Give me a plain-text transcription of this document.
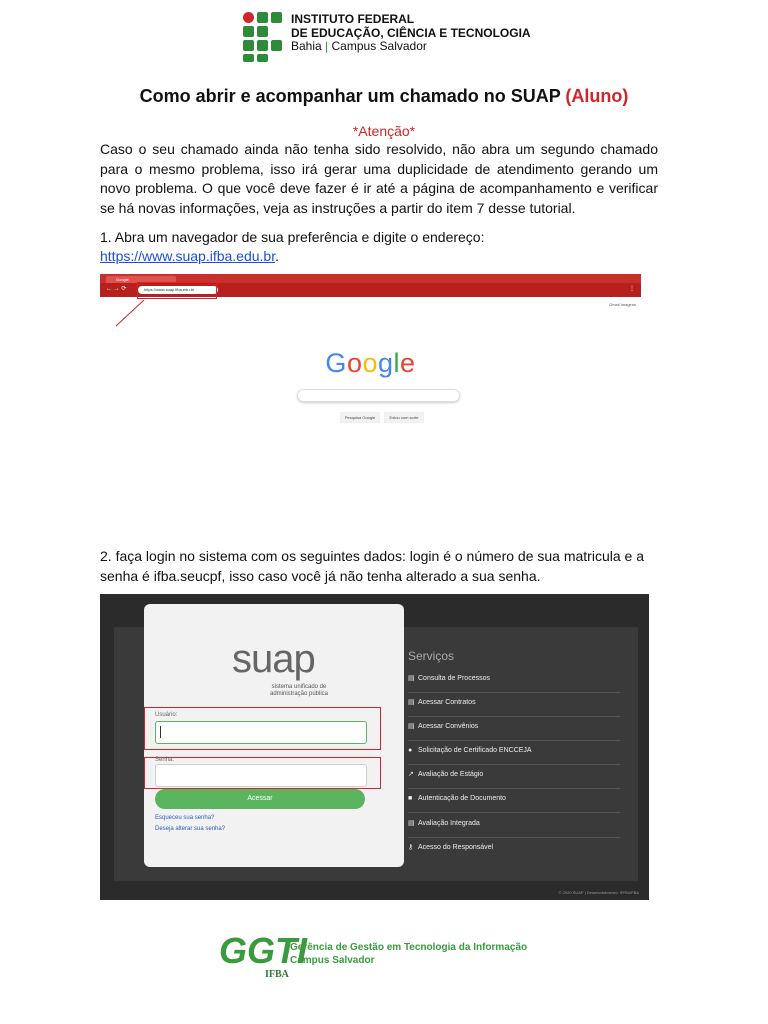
INSTITUTO FEDERAL
DE EDUCAÇÃO, CIÊNCIA E TECNOLOGIA
Bahia | Campus Salvador
Como abrir e acompanhar um chamado no SUAP (Aluno)
*Atenção*
Caso o seu chamado ainda não tenha sido resolvido, não abra um segundo chamado para o mesmo problema, isso irá gerar uma duplicidade de atendimento gerando um novo problema. O que você deve fazer é ir até a página de acompanhamento e verificar se há novas informações, veja as instruções a partir do item 7 desse tutorial.
1. Abra um navegador de sua preferência e digite o endereço:
https://www.suap.ifba.edu.br.
Google
← → ⟳	https://www.suap.ifba.edu.br	⋮
Gmail Imagens
Google
Pesquisa Google	Estou com sorte
2. faça login no sistema com os seguintes dados: login é o número de sua matricula e a senha é ifba.seucpf, isso caso você já não tenha alterado a sua senha.
suap
sistema unificado de administração pública
Usuário:
Senha:
Acessar
Esqueceu sua senha?
Deseja alterar sua senha?
Serviços
▤ Consulta de Processos
▤ Acessar Contratos
▤ Acessar Convênios
● Solicitação de Certificado ENCCEJA
↗ Avaliação de Estágio
■ Autenticação de Documento
▤ Avaliação Integrada
⚷ Acesso do Responsável
© 2020 SUAP | Desenvolvimento: IFRN/IFBA
GGTI
IFBA
Gerência de Gestão em Tecnologia da Informação
Campus Salvador
